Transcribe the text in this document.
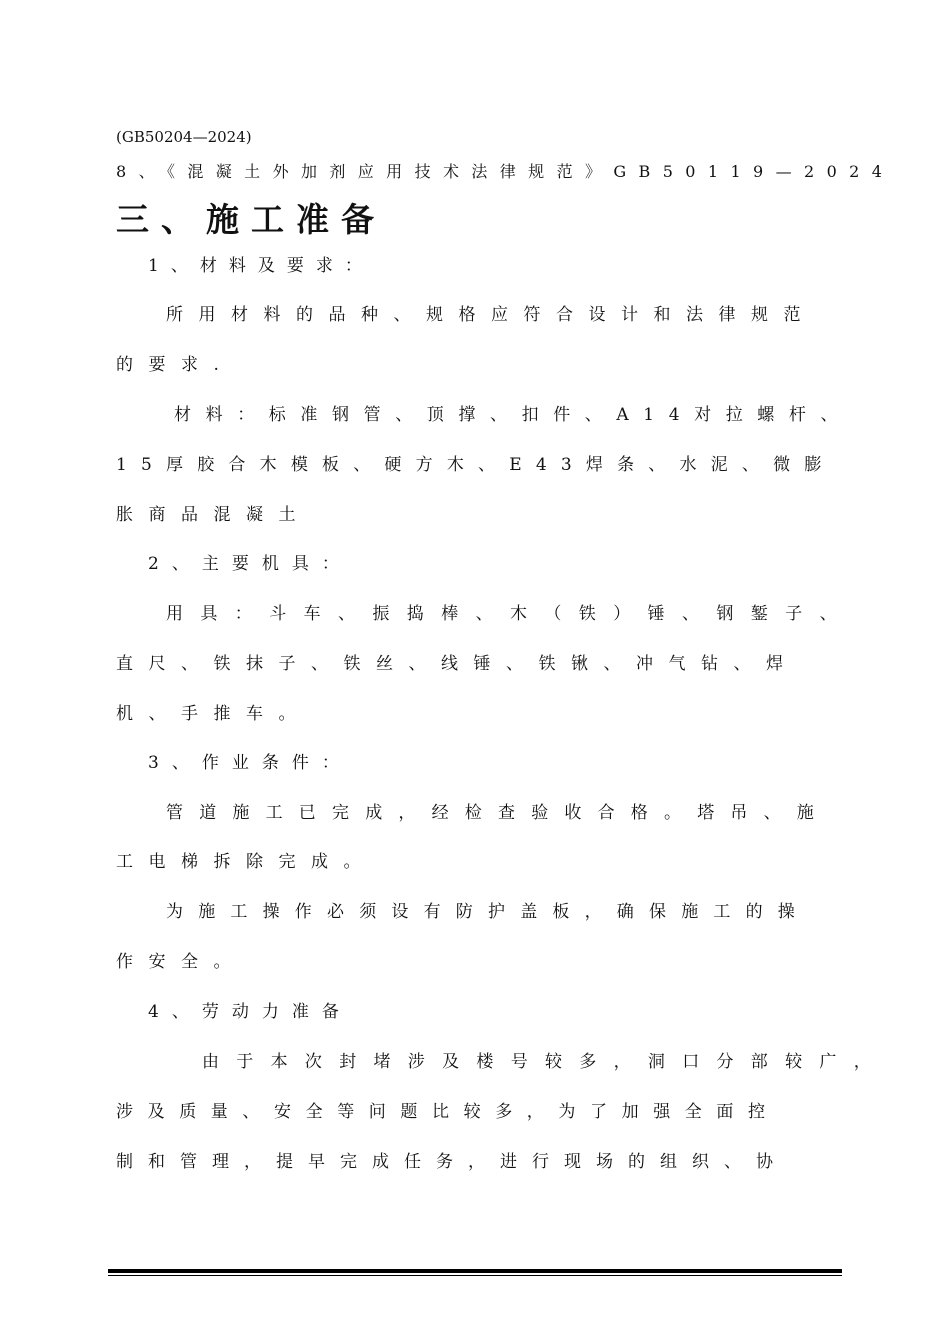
(GB50204—2024)
8、《混凝土外加剂应用技术法律规范》GB50119—2024
三、施工准备
1、材料及要求：
所用材料的品种、规格应符合设计和法律规范
的要求.
材料：标准钢管、顶撑、扣件、A14对拉螺杆、
15厚胶合木模板、硬方木、E43焊条、水泥、微膨
胀商品混凝土
2、主要机具：
用具：斗车、振捣棒、木（铁）锤、钢錾子、
直尺、铁抹子、铁丝、线锤、铁锹、冲气钻、焊
机、手推车。
3、作业条件：
管道施工已完成，经检查验收合格。塔吊、施
工电梯拆除完成。
为施工操作必须设有防护盖板，确保施工的操
作安全。
4、劳动力准备
由于本次封堵涉及楼号较多，洞口分部较广，
涉及质量、安全等问题比较多，为了加强全面控
制和管理，提早完成任务，进行现场的组织、协
